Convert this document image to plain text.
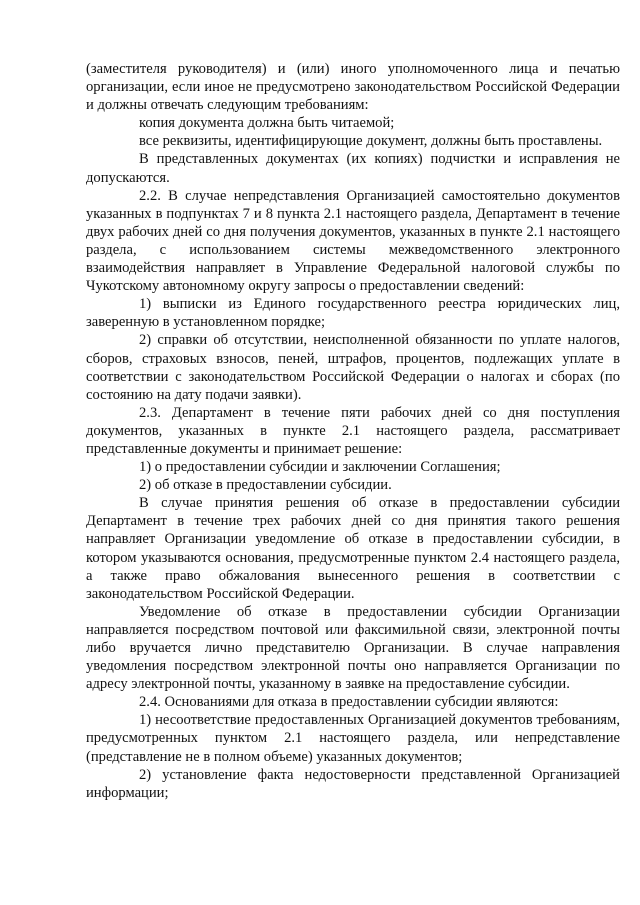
(заместителя руководителя) и (или) иного уполномоченного лица и печатью организации, если иное не предусмотрено законодательством Российской Федерации и должны отвечать следующим требованиям:

копия документа должна быть читаемой;

все реквизиты, идентифицирующие документ, должны быть проставлены.

В представленных документах (их копиях) подчистки и исправления не допускаются.

2.2. В случае непредставления Организацией самостоятельно документов указанных в подпунктах 7 и 8 пункта 2.1 настоящего раздела, Департамент в течение двух рабочих дней со дня получения документов, указанных в пункте 2.1 настоящего раздела, с использованием системы межведомственного электронного взаимодействия направляет в Управление Федеральной налоговой службы по Чукотскому автономному округу запросы о предоставлении сведений:

1) выписки из Единого государственного реестра юридических лиц, заверенную в установленном порядке;

2) справки об отсутствии, неисполненной обязанности по уплате налогов, сборов, страховых взносов, пеней, штрафов, процентов, подлежащих уплате в соответствии с законодательством Российской Федерации о налогах и сборах (по состоянию на дату подачи заявки).

2.3. Департамент в течение пяти рабочих дней со дня поступления документов, указанных в пункте 2.1 настоящего раздела, рассматривает представленные документы и принимает решение:

1) о предоставлении субсидии и заключении Соглашения;

2) об отказе в предоставлении субсидии.

В случае принятия решения об отказе в предоставлении субсидии Департамент в течение трех рабочих дней со дня принятия такого решения направляет Организации уведомление об отказе в предоставлении субсидии, в котором указываются основания, предусмотренные пунктом 2.4 настоящего раздела, а также право обжалования вынесенного решения в соответствии с законодательством Российской Федерации.

Уведомление об отказе в предоставлении субсидии Организации направляется посредством почтовой или факсимильной связи, электронной почты либо вручается лично представителю Организации. В случае направления уведомления посредством электронной почты оно направляется Организации по адресу электронной почты, указанному в заявке на предоставление субсидии.

2.4. Основаниями для отказа в предоставлении субсидии являются:

1) несоответствие предоставленных Организацией документов требованиям, предусмотренных пунктом 2.1 настоящего раздела, или непредставление (представление не в полном объеме) указанных документов;

2) установление факта недостоверности представленной Организацией информации;
